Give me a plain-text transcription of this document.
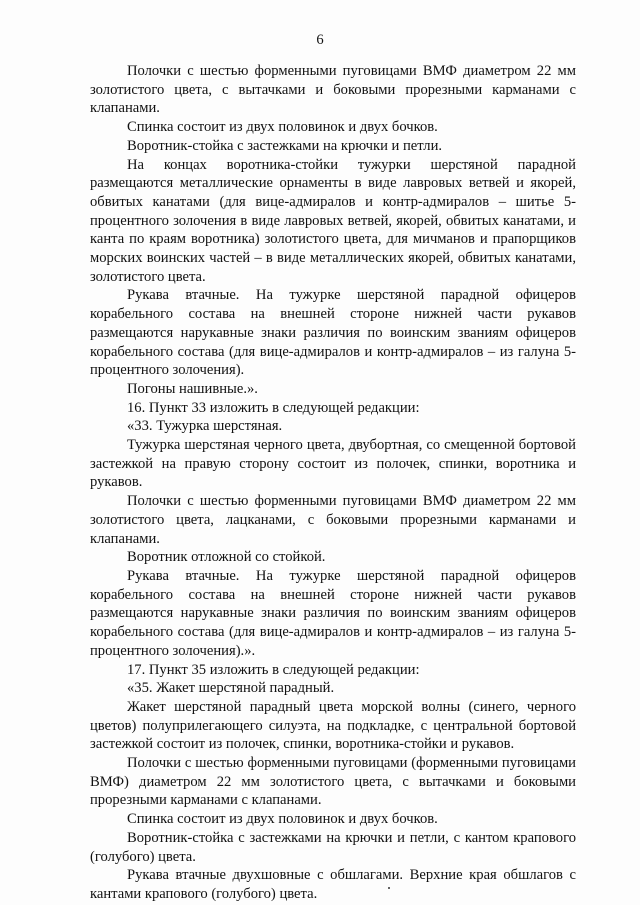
6

Полочки с шестью форменными пуговицами ВМФ диаметром 22 мм золотистого цвета, с вытачками и боковыми прорезными карманами с клапанами.

Спинка состоит из двух половинок и двух бочков.

Воротник-стойка с застежками на крючки и петли.

На концах воротника-стойки тужурки шерстяной парадной размещаются металлические орнаменты в виде лавровых ветвей и якорей, обвитых канатами (для вице-адмиралов и контр-адмиралов – шитье 5-процентного золочения в виде лавровых ветвей, якорей, обвитых канатами, и канта по краям воротника) золотистого цвета, для мичманов и прапорщиков морских воинских частей – в виде металлических якорей, обвитых канатами, золотистого цвета.

Рукава втачные. На тужурке шерстяной парадной офицеров корабельного состава на внешней стороне нижней части рукавов размещаются нарукавные знаки различия по воинским званиям офицеров корабельного состава (для вице-адмиралов и контр-адмиралов – из галуна 5-процентного золочения).

Погоны нашивные.».

16. Пункт 33 изложить в следующей редакции:

«33. Тужурка шерстяная.

Тужурка шерстяная черного цвета, двубортная, со смещенной бортовой застежкой на правую сторону состоит из полочек, спинки, воротника и рукавов.

Полочки с шестью форменными пуговицами ВМФ диаметром 22 мм золотистого цвета, лацканами, с боковыми прорезными карманами и клапанами.

Воротник отложной со стойкой.

Рукава втачные. На тужурке шерстяной парадной офицеров корабельного состава на внешней стороне нижней части рукавов размещаются нарукавные знаки различия по воинским званиям офицеров корабельного состава (для вице-адмиралов и контр-адмиралов – из галуна 5-процентного золочения).».

17. Пункт 35 изложить в следующей редакции:

«35. Жакет шерстяной парадный.

Жакет шерстяной парадный цвета морской волны (синего, черного цветов) полуприлегающего силуэта, на подкладке, с центральной бортовой застежкой состоит из полочек, спинки, воротника-стойки и рукавов.

Полочки с шестью форменными пуговицами (форменными пуговицами ВМФ) диаметром 22 мм золотистого цвета, с вытачками и боковыми прорезными карманами с клапанами.

Спинка состоит из двух половинок и двух бочков.

Воротник-стойка с застежками на крючки и петли, с кантом крапового (голубого) цвета.

Рукава втачные двухшовные с обшлагами. Верхние края обшлагов с кантами крапового (голубого) цвета.
